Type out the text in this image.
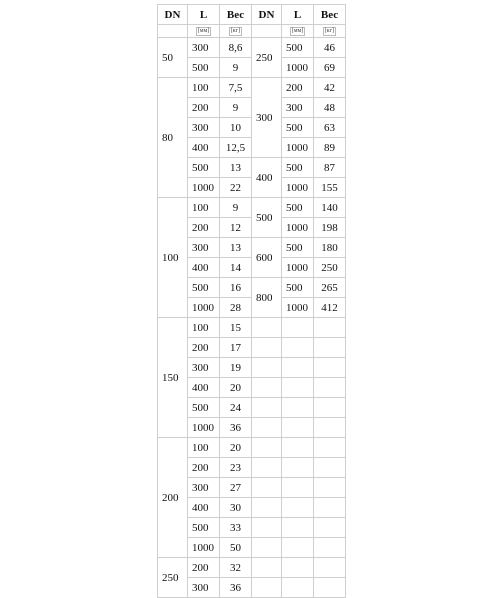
DN	L	Вес	DN	L	Вес
	[мм]	[кг]		[мм]	[кг]
50	300	8,6	250	500	46
	500	9		1000	69
80	100	7,5	300	200	42
	200	9		300	48
	300	10		500	63
	400	12,5		1000	89
	500	13	400	500	87
	1000	22		1000	155
100	100	9	500	500	140
	200	12		1000	198
	300	13	600	500	180
	400	14		1000	250
	500	16	800	500	265
	1000	28		1000	412
150	100	15			
	200	17			
	300	19			
	400	20			
	500	24			
	1000	36			
200	100	20			
	200	23			
	300	27			
	400	30			
	500	33			
	1000	50			
250	200	32			
	300	36			
